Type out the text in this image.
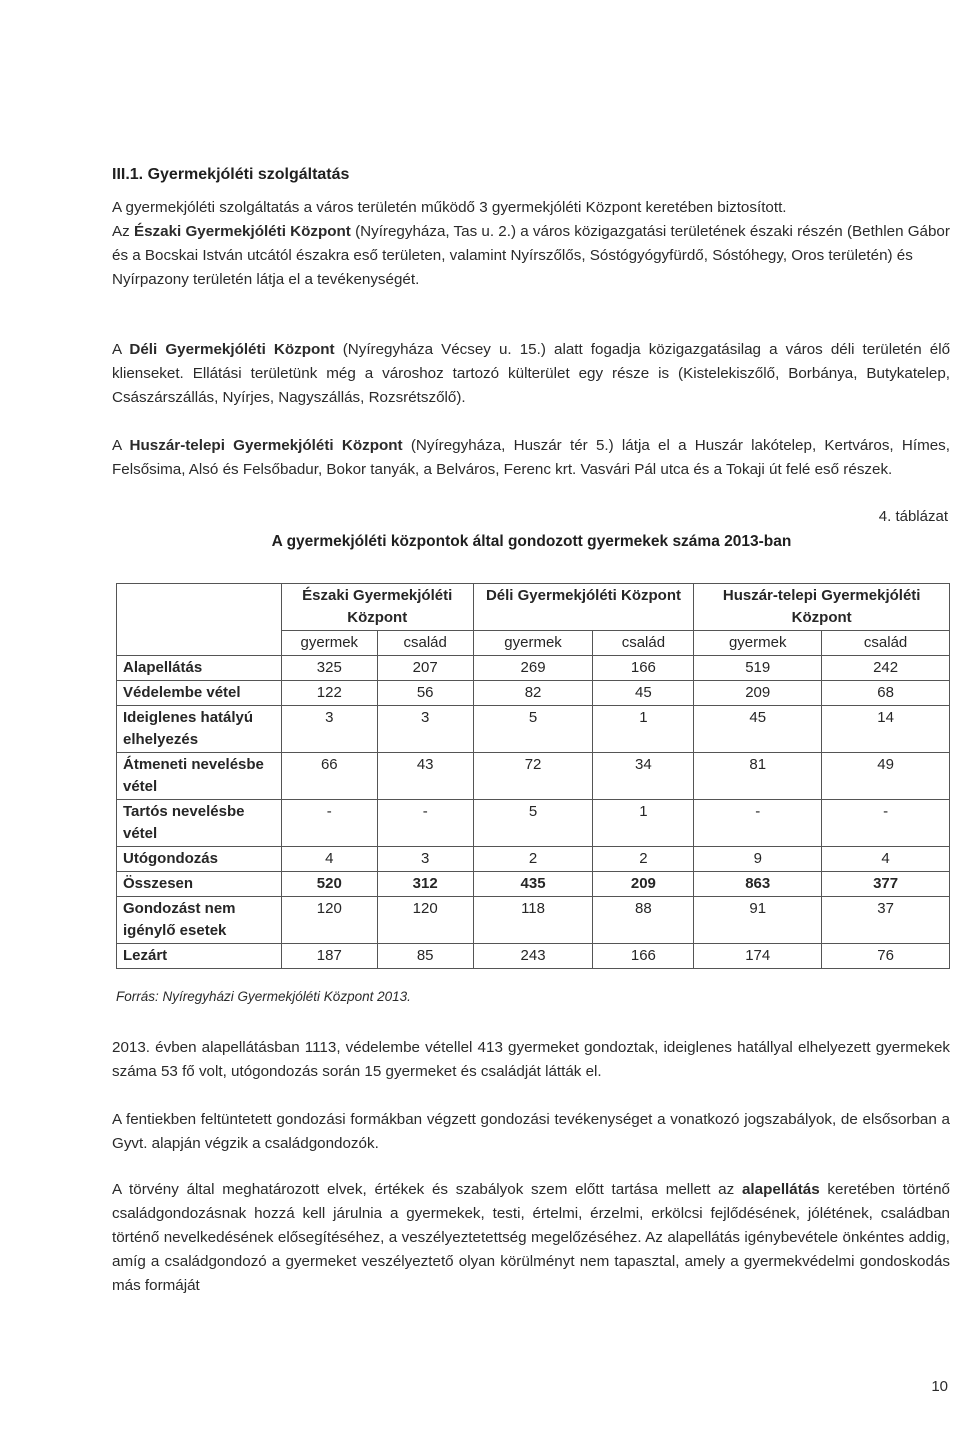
III.1. Gyermekjóléti szolgáltatás
A gyermekjóléti szolgáltatás a város területén működő 3 gyermekjóléti Központ keretében biztosított.
Az Északi Gyermekjóléti Központ (Nyíregyháza, Tas u. 2.) a város közigazgatási területének északi részén (Bethlen Gábor és a Bocskai István utcától északra eső területen, valamint Nyírszőlős, Sóstógyógyfürdő, Sóstóhegy, Oros területén) és Nyírpazony területén látja el a tevékenységét.
A Déli Gyermekjóléti Központ (Nyíregyháza Vécsey u. 15.) alatt fogadja közigazgatásilag a város déli területén élő klienseket. Ellátási területünk még a városhoz tartozó külterület egy része is (Kistelekiszőlő, Borbánya, Butykatelep, Császárszállás, Nyírjes, Nagyszállás, Rozsrétszőlő).
A Huszár-telepi Gyermekjóléti Központ (Nyíregyháza, Huszár tér 5.) látja el a Huszár lakótelep, Kertváros, Hímes, Felsősima, Alsó és Felsőbadur, Bokor tanyák, a Belváros, Ferenc krt. Vasvári Pál utca és a Tokaji út felé eső részek.
4. táblázat
A gyermekjóléti központok által gondozott gyermekek száma 2013-ban
	Északi Gyermekjóléti Központ		Déli Gyermekjóléti Központ		Huszár-telepi Gyermekjóléti Központ	
	gyermek	család	gyermek	család	gyermek	család
Alapellátás	325	207	269	166	519	242
Védelembe vétel	122	56	82	45	209	68
Ideiglenes hatályú elhelyezés	3	3	5	1	45	14
Átmeneti nevelésbe vétel	66	43	72	34	81	49
Tartós nevelésbe vétel	-	-	5	1	-	-
Utógondozás	4	3	2	2	9	4
Összesen	520	312	435	209	863	377
Gondozást nem igénylő esetek	120	120	118	88	91	37
Lezárt	187	85	243	166	174	76
Forrás: Nyíregyházi Gyermekjóléti Központ 2013.
2013. évben alapellátásban 1113, védelembe vétellel 413 gyermeket gondoztak, ideiglenes hatállyal elhelyezett gyermekek száma 53 fő volt, utógondozás során 15 gyermeket és családját látták el.
A fentiekben feltüntetett gondozási formákban végzett gondozási tevékenységet a vonatkozó jogszabályok, de elsősorban a Gyvt. alapján végzik a családgondozók.
A törvény által meghatározott elvek, értékek és szabályok szem előtt tartása mellett az alapellátás keretében történő családgondozásnak hozzá kell járulnia a gyermekek, testi, értelmi, érzelmi, erkölcsi fejlődésének, jólétének, családban történő nevelkedésének elősegítéséhez, a veszélyeztetettség megelőzéséhez. Az alapellátás igénybevétele önkéntes addig, amíg a családgondozó a gyermeket veszélyeztető olyan körülményt nem tapasztal, amely a gyermekvédelmi gondoskodás más formáját
10
